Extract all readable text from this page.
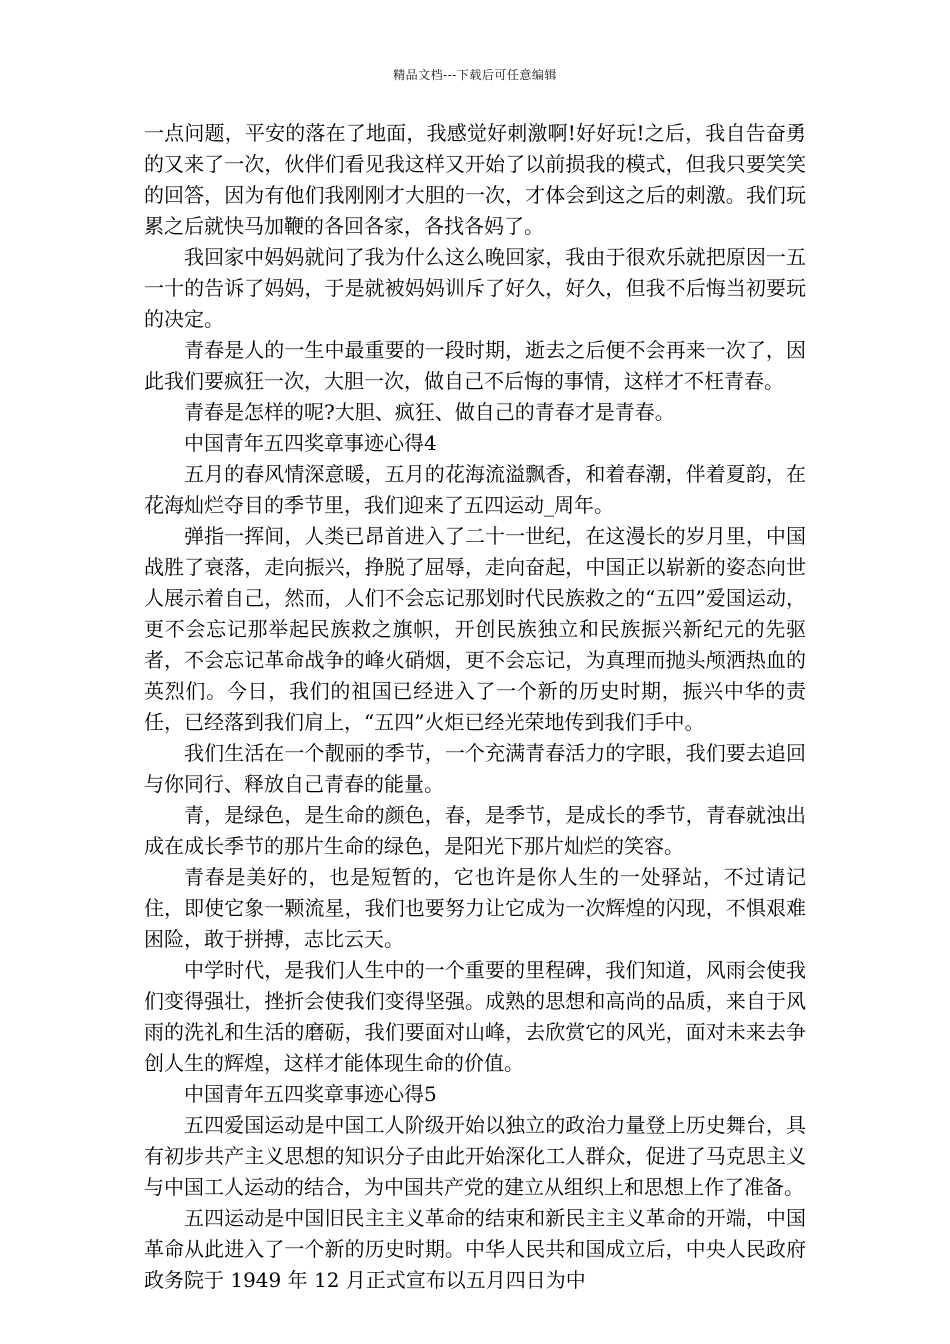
精品文档---下载后可任意编辑

一点问题，平安的落在了地面，我感觉好刺激啊!好好玩!之后，我自告奋勇的又来了一次，伙伴们看见我这样又开始了以前损我的模式，但我只要笑笑的回答，因为有他们我刚刚才大胆的一次，才体会到这之后的刺激。我们玩累之后就快马加鞭的各回各家，各找各妈了。

我回家中妈妈就问了我为什么这么晚回家，我由于很欢乐就把原因一五一十的告诉了妈妈，于是就被妈妈训斥了好久，好久，但我不后悔当初要玩的决定。

青春是人的一生中最重要的一段时期，逝去之后便不会再来一次了，因此我们要疯狂一次，大胆一次，做自己不后悔的事情，这样才不枉青春。

青春是怎样的呢?大胆、疯狂、做自己的青春才是青春。

中国青年五四奖章事迹心得4

五月的春风情深意暖，五月的花海流溢飘香，和着春潮，伴着夏韵，在花海灿烂夺目的季节里，我们迎来了五四运动_周年。

弹指一挥间，人类已昂首进入了二十一世纪，在这漫长的岁月里，中国战胜了衰落，走向振兴，挣脱了屈辱，走向奋起，中国正以崭新的姿态向世人展示着自己，然而，人们不会忘记那划时代民族救之的“五四”爱国运动，更不会忘记那举起民族救之旗帜，开创民族独立和民族振兴新纪元的先驱者，不会忘记革命战争的峰火硝烟，更不会忘记，为真理而抛头颅洒热血的英烈们。今日，我们的祖国已经进入了一个新的历史时期，振兴中华的责任，已经落到我们肩上，“五四”火炬已经光荣地传到我们手中。

我们生活在一个靓丽的季节，一个充满青春活力的字眼，我们要去追回与你同行、释放自己青春的能量。

青，是绿色，是生命的颜色，春，是季节，是成长的季节，青春就浊出成在成长季节的那片生命的绿色，是阳光下那片灿烂的笑容。

青春是美好的，也是短暂的，它也许是你人生的一处驿站，不过请记住，即使它象一颗流星，我们也要努力让它成为一次辉煌的闪现，不惧艰难困险，敢于拼搏，志比云天。

中学时代，是我们人生中的一个重要的里程碑，我们知道，风雨会使我们变得强壮，挫折会使我们变得坚强。成熟的思想和高尚的品质，来自于风雨的洗礼和生活的磨砺，我们要面对山峰，去欣赏它的风光，面对未来去争创人生的辉煌，这样才能体现生命的价值。

中国青年五四奖章事迹心得5

五四爱国运动是中国工人阶级开始以独立的政治力量登上历史舞台，具有初步共产主义思想的知识分子由此开始深化工人群众，促进了马克思主义与中国工人运动的结合，为中国共产党的建立从组织上和思想上作了准备。

五四运动是中国旧民主主义革命的结束和新民主主义革命的开端，中国革命从此进入了一个新的历史时期。中华人民共和国成立后，中央人民政府政务院于 1949 年 12 月正式宣布以五月四日为中
